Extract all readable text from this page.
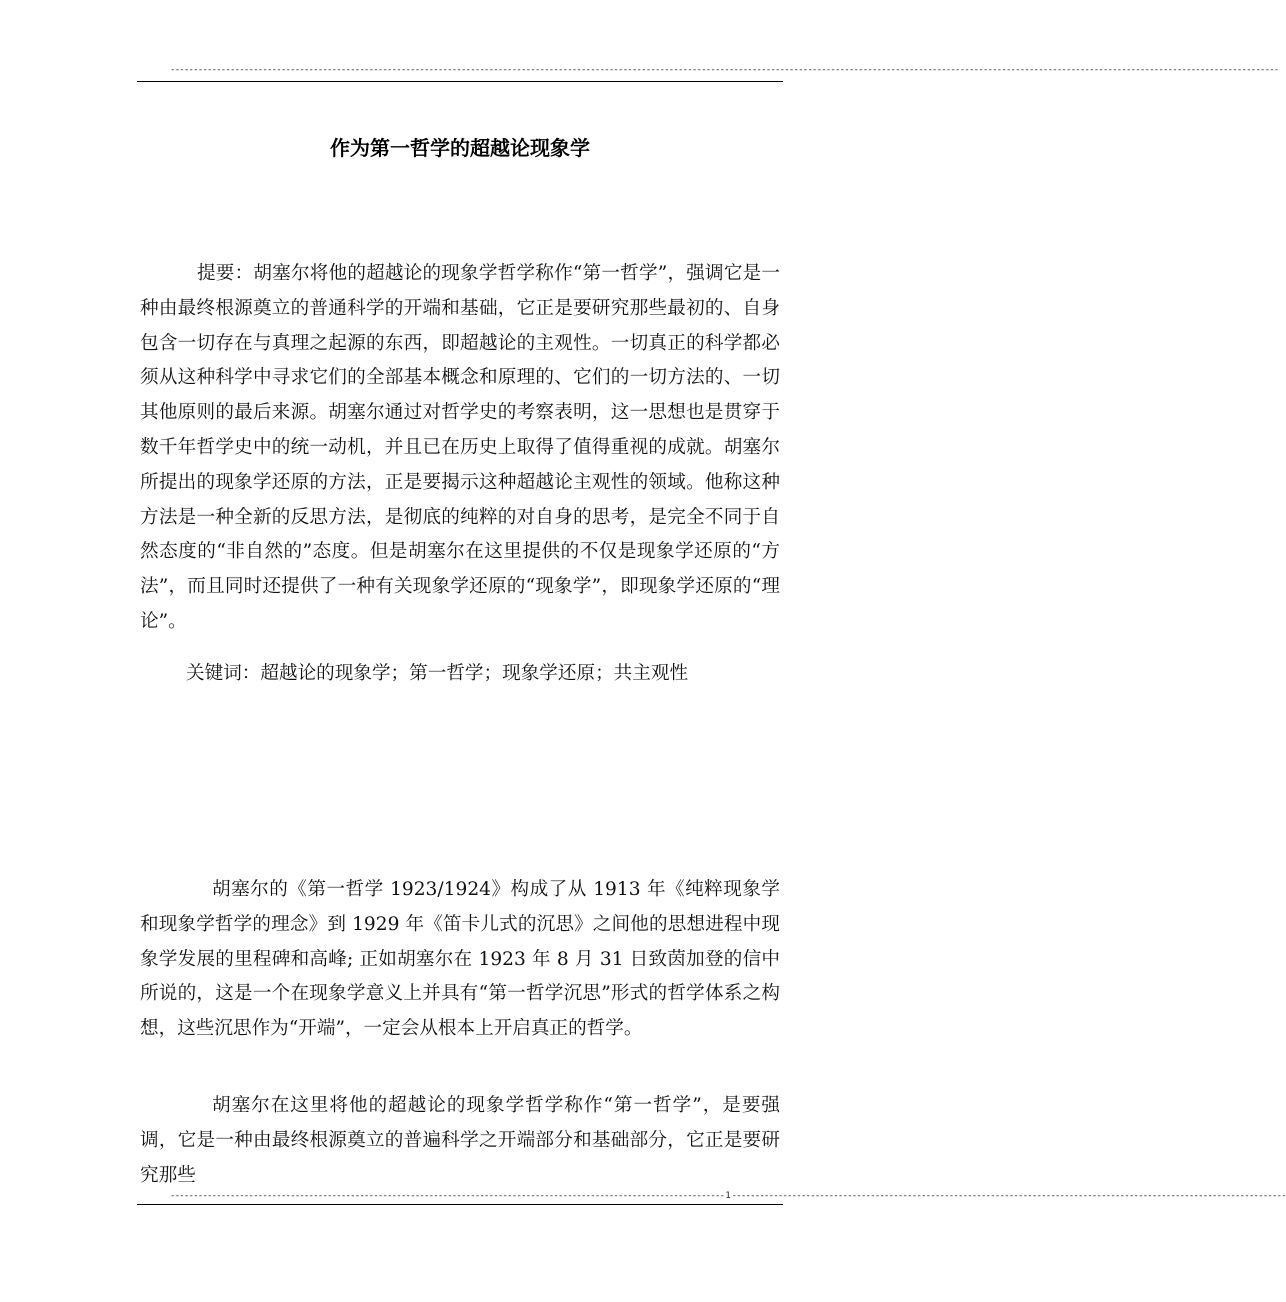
------------------------------------------------------------------------------------------------------------------------------------------------------------------------------------------------------------------------------------------------
作为第一哲学的超越论现象学

提要：胡塞尔将他的超越论的现象学哲学称作“第一哲学”，强调它是一种由最终根源奠立的普通科学的开端和基础，它正是要研究那些最初的、自身包含一切存在与真理之起源的东西，即超越论的主观性。一切真正的科学都必须从这种科学中寻求它们的全部基本概念和原理的、它们的一切方法的、一切其他原则的最后来源。胡塞尔通过对哲学史的考察表明，这一思想也是贯穿于数千年哲学史中的统一动机，并且已在历史上取得了值得重视的成就。胡塞尔所提出的现象学还原的方法，正是要揭示这种超越论主观性的领域。他称这种方法是一种全新的反思方法，是彻底的纯粹的对自身的思考，是完全不同于自然态度的“非自然的”态度。但是胡塞尔在这里提供的不仅是现象学还原的“方法”，而且同时还提供了一种有关现象学还原的“现象学”，即现象学还原的“理论”。

关键词：超越论的现象学；第一哲学；现象学还原；共主观性

胡塞尔的《第一哲学 1923/1924》构成了从 1913 年《纯粹现象学和现象学哲学的理念》到 1929 年《笛卡儿式的沉思》之间他的思想进程中现象学发展的里程碑和高峰; 正如胡塞尔在 1923 年 8 月 31 日致茵加登的信中所说的，这是一个在现象学意义上并具有“第一哲学沉思”形式的哲学体系之构想，这些沉思作为“开端”，一定会从根本上开启真正的哲学。

胡塞尔在这里将他的超越论的现象学哲学称作“第一哲学”，是要强调，它是一种由最终根源奠立的普遍科学之开端部分和基础部分，它正是要研究那些

------------------------------------------------------------------------------------------------------------------------ 1 ------------------------------------------------------------------------------------------------------------------------
